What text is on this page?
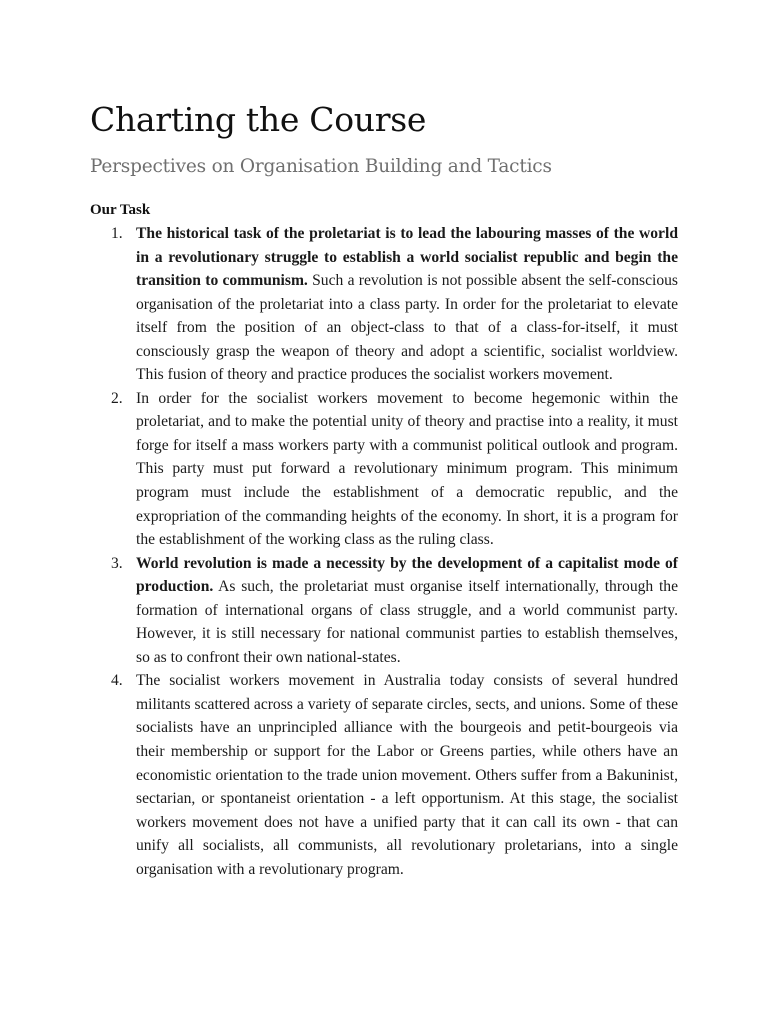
Charting the Course
Perspectives on Organisation Building and Tactics
Our Task
1. The historical task of the proletariat is to lead the labouring masses of the world in a revolutionary struggle to establish a world socialist republic and begin the transition to communism. Such a revolution is not possible absent the self-conscious organisation of the proletariat into a class party. In order for the proletariat to elevate itself from the position of an object-class to that of a class-for-itself, it must consciously grasp the weapon of theory and adopt a scientific, socialist worldview. This fusion of theory and practice produces the socialist workers movement.
2. In order for the socialist workers movement to become hegemonic within the proletariat, and to make the potential unity of theory and practise into a reality, it must forge for itself a mass workers party with a communist political outlook and program. This party must put forward a revolutionary minimum program. This minimum program must include the establishment of a democratic republic, and the expropriation of the commanding heights of the economy. In short, it is a program for the establishment of the working class as the ruling class.
3. World revolution is made a necessity by the development of a capitalist mode of production. As such, the proletariat must organise itself internationally, through the formation of international organs of class struggle, and a world communist party. However, it is still necessary for national communist parties to establish themselves, so as to confront their own national-states.
4. The socialist workers movement in Australia today consists of several hundred militants scattered across a variety of separate circles, sects, and unions. Some of these socialists have an unprincipled alliance with the bourgeois and petit-bourgeois via their membership or support for the Labor or Greens parties, while others have an economistic orientation to the trade union movement. Others suffer from a Bakuninist, sectarian, or spontaneist orientation - a left opportunism. At this stage, the socialist workers movement does not have a unified party that it can call its own - that can unify all socialists, all communists, all revolutionary proletarians, into a single organisation with a revolutionary program.
